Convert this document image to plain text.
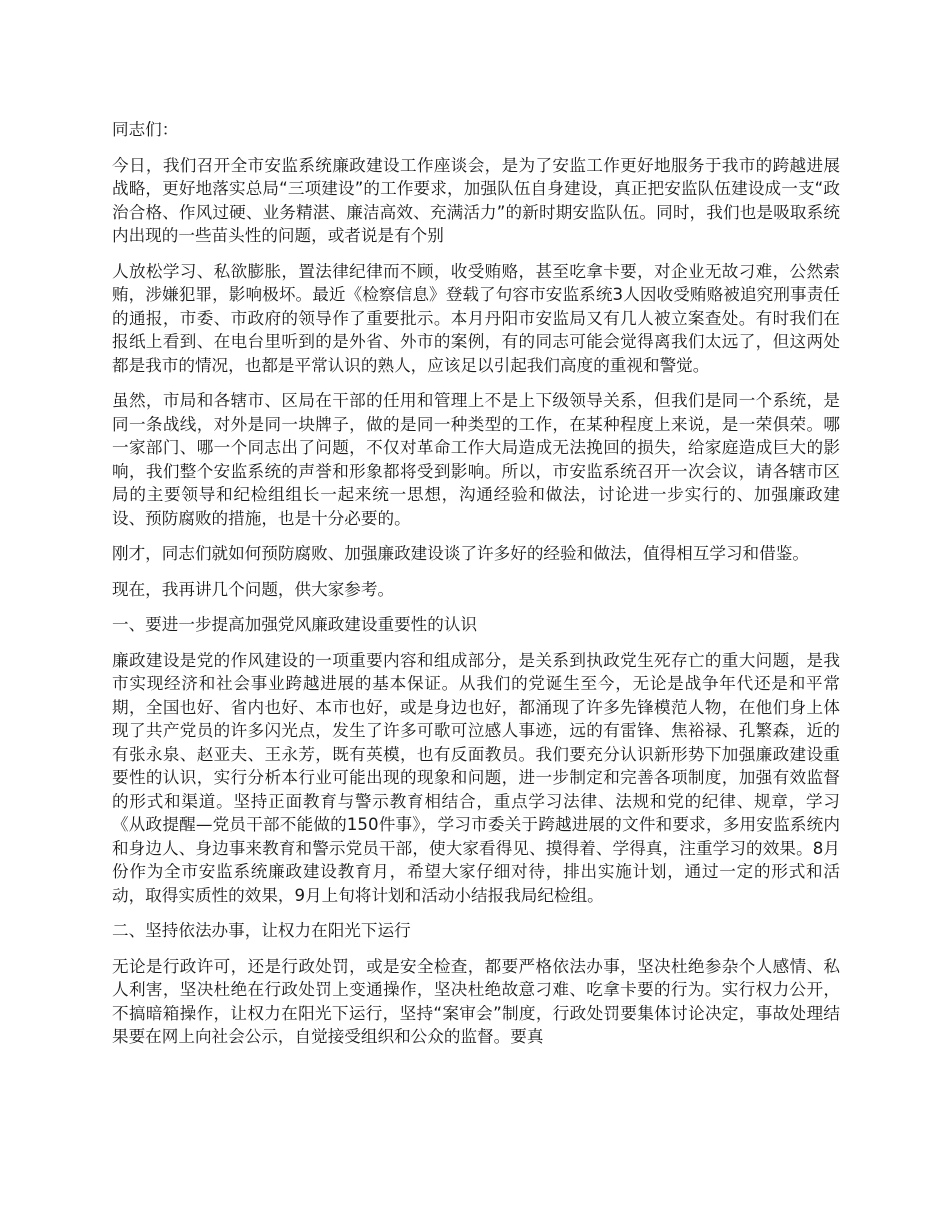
同志们：

今日，我们召开全市安监系统廉政建设工作座谈会，是为了安监工作更好地服务于我市的跨越进展战略，更好地落实总局“三项建设”的工作要求，加强队伍自身建设，真正把安监队伍建设成一支“政治合格、作风过硬、业务精湛、廉洁高效、充满活力”的新时期安监队伍。同时，我们也是吸取系统内出现的一些苗头性的问题，或者说是有个别

人放松学习、私欲膨胀，置法律纪律而不顾，收受贿赂，甚至吃拿卡要，对企业无故刁难，公然索贿，涉嫌犯罪，影响极坏。最近《检察信息》登载了句容市安监系统3人因收受贿赂被追究刑事责任的通报，市委、市政府的领导作了重要批示。本月丹阳市安监局又有几人被立案查处。有时我们在报纸上看到、在电台里听到的是外省、外市的案例，有的同志可能会觉得离我们太远了，但这两处都是我市的情况，也都是平常认识的熟人，应该足以引起我们高度的重视和警觉。

虽然，市局和各辖市、区局在干部的任用和管理上不是上下级领导关系，但我们是同一个系统，是同一条战线，对外是同一块牌子，做的是同一种类型的工作，在某种程度上来说，是一荣俱荣。哪一家部门、哪一个同志出了问题，不仅对革命工作大局造成无法挽回的损失，给家庭造成巨大的影响，我们整个安监系统的声誉和形象都将受到影响。所以，市安监系统召开一次会议，请各辖市区局的主要领导和纪检组组长一起来统一思想，沟通经验和做法，讨论进一步实行的、加强廉政建设、预防腐败的措施，也是十分必要的。

刚才，同志们就如何预防腐败、加强廉政建设谈了许多好的经验和做法，值得相互学习和借鉴。

现在，我再讲几个问题，供大家参考。

一、要进一步提高加强党风廉政建设重要性的认识

廉政建设是党的作风建设的一项重要内容和组成部分，是关系到执政党生死存亡的重大问题，是我市实现经济和社会事业跨越进展的基本保证。从我们的党诞生至今，无论是战争年代还是和平常期，全国也好、省内也好、本市也好，或是身边也好，都涌现了许多先锋模范人物，在他们身上体现了共产党员的许多闪光点，发生了许多可歌可泣感人事迹，远的有雷锋、焦裕禄、孔繁森，近的有张永泉、赵亚夫、王永芳，既有英模，也有反面教员。我们要充分认识新形势下加强廉政建设重要性的认识，实行分析本行业可能出现的现象和问题，进一步制定和完善各项制度，加强有效监督的形式和渠道。坚持正面教育与警示教育相结合，重点学习法律、法规和党的纪律、规章，学习《从政提醒—党员干部不能做的150件事》，学习市委关于跨越进展的文件和要求，多用安监系统内和身边人、身边事来教育和警示党员干部，使大家看得见、摸得着、学得真，注重学习的效果。8月份作为全市安监系统廉政建设教育月，希望大家仔细对待，排出实施计划，通过一定的形式和活动，取得实质性的效果，9月上旬将计划和活动小结报我局纪检组。

二、坚持依法办事，让权力在阳光下运行

无论是行政许可，还是行政处罚，或是安全检查，都要严格依法办事，坚决杜绝参杂个人感情、私人利害，坚决杜绝在行政处罚上变通操作，坚决杜绝故意刁难、吃拿卡要的行为。实行权力公开，不搞暗箱操作，让权力在阳光下运行，坚持“案审会”制度，行政处罚要集体讨论决定，事故处理结果要在网上向社会公示，自觉接受组织和公众的监督。要真
